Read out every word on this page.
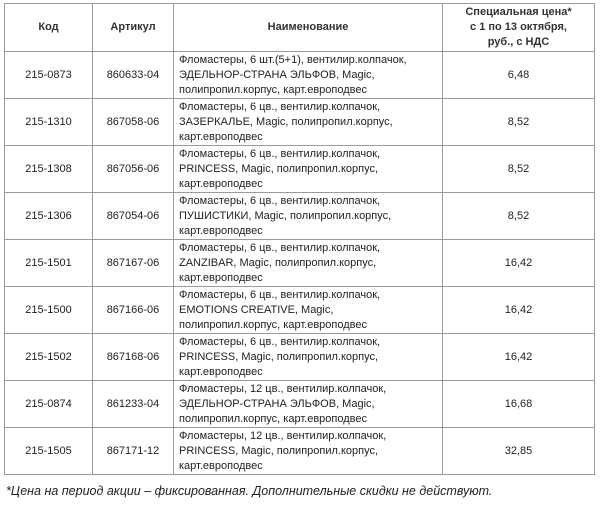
Код	Артикул	Наименование	Специальная цена*
с 1 по 13 октября,
руб., с НДС
215-0873	860633-04	Фломастеры, 6 шт.(5+1), вентилир.колпачок,
ЭДЕЛЬНОР-СТРАНА ЭЛЬФОВ, Magic,
полипропил.корпус, карт.европодвес	6,48
215-1310	867058-06	Фломастеры, 6 цв., вентилир.колпачок,
ЗАЗЕРКАЛЬЕ, Magic, полипропил.корпус,
карт.европодвес	8,52
215-1308	867056-06	Фломастеры, 6 цв., вентилир.колпачок,
PRINCESS, Magic, полипропил.корпус,
карт.европодвес	8,52
215-1306	867054-06	Фломастеры, 6 цв., вентилир.колпачок,
ПУШИСТИКИ, Magic, полипропил.корпус,
карт.европодвес	8,52
215-1501	867167-06	Фломастеры, 6 цв., вентилир.колпачок,
ZANZIBAR, Magic, полипропил.корпус,
карт.европодвес	16,42
215-1500	867166-06	Фломастеры, 6 цв., вентилир.колпачок,
EMOTIONS CREATIVE, Magic,
полипропил.корпус, карт.европодвес	16,42
215-1502	867168-06	Фломастеры, 6 цв., вентилир.колпачок,
PRINCESS, Magic, полипропил.корпус,
карт.европодвес	16,42
215-0874	861233-04	Фломастеры, 12 цв., вентилир.колпачок,
ЭДЕЛЬНОР-СТРАНА ЭЛЬФОВ, Magic,
полипропил.корпус, карт.европодвес	16,68
215-1505	867171-12	Фломастеры, 12 цв., вентилир.колпачок,
PRINCESS, Magic, полипропил.корпус,
карт.европодвес	32,85
*Цена на период акции – фиксированная. Дополнительные скидки не действуют.
